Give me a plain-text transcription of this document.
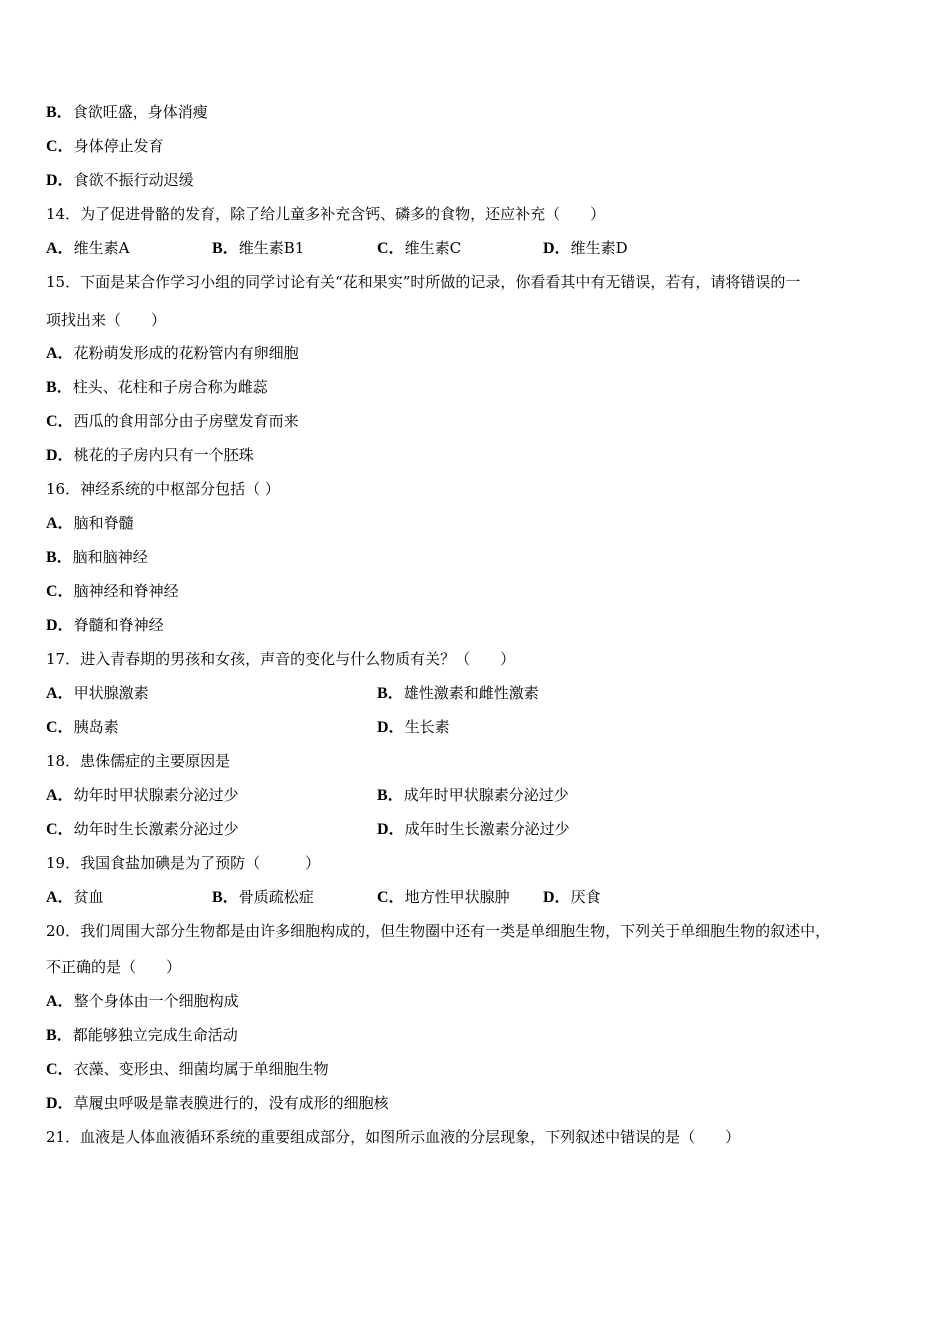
B．食欲旺盛，身体消瘦
C．身体停止发育
D．食欲不振行动迟缓
14．为了促进骨骼的发育，除了给儿童多补充含钙、磷多的食物，还应补充（　　）
A．维生素A	B．维生素B1	C．维生素C	D．维生素D
15．下面是某合作学习小组的同学讨论有关“花和果实”时所做的记录，你看看其中有无错误，若有，请将错误的一
项找出来（　　）
A．花粉萌发形成的花粉管内有卵细胞
B．柱头、花柱和子房合称为雌蕊
C．西瓜的食用部分由子房壁发育而来
D．桃花的子房内只有一个胚珠
16．神经系统的中枢部分包括（ ）
A．脑和脊髓
B．脑和脑神经
C．脑神经和脊神经
D．脊髓和脊神经
17．进入青春期的男孩和女孩，声音的变化与什么物质有关？（　　）
A．甲状腺激素	B．雄性激素和雌性激素
C．胰岛素	D．生长素
18．患侏儒症的主要原因是
A．幼年时甲状腺素分泌过少	B．成年时甲状腺素分泌过少
C．幼年时生长激素分泌过少	D．成年时生长激素分泌过少
19．我国食盐加碘是为了预防（　　　）
A．贫血	B．骨质疏松症	C．地方性甲状腺肿 D．厌食
20．我们周围大部分生物都是由许多细胞构成的，但生物圈中还有一类是单细胞生物，下列关于单细胞生物的叙述中，
不正确的是（　　）
A．整个身体由一个细胞构成
B．都能够独立完成生命活动
C．衣藻、变形虫、细菌均属于单细胞生物
D．草履虫呼吸是靠表膜进行的，没有成形的细胞核
21．血液是人体血液循环系统的重要组成部分，如图所示血液的分层现象，下列叙述中错误的是（　　）
